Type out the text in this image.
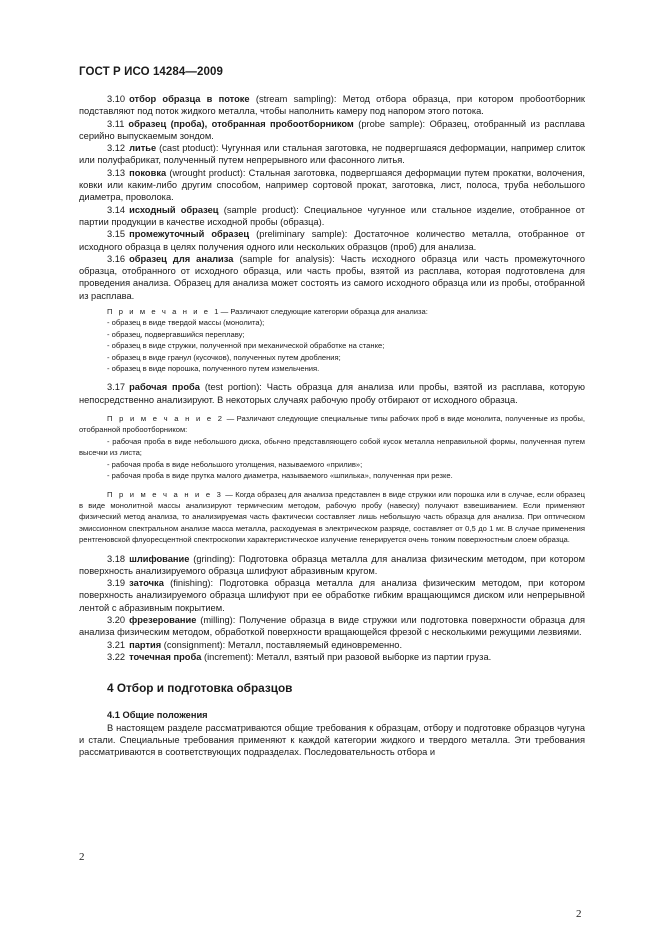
ГОСТ Р ИСО 14284—2009

3.10 отбор образца в потоке (stream sampling): Метод отбора образца, при котором пробоотборник подставляют под поток жидкого металла, чтобы наполнить камеру под напором этого потока.

3.11 образец (проба), отобранная пробоотборником (probe sample): Образец, отобранный из расплава серийно выпускаемым зондом.

3.12 литье (cast ptoduct): Чугунная или стальная заготовка, не подвергшаяся деформации, например слиток или полуфабрикат, полученный путем непрерывного или фасонного литья.

3.13 поковка (wrought product): Стальная заготовка, подвергшаяся деформации путем прокатки, волочения, ковки или каким-либо другим способом, например сортовой прокат, заготовка, лист, полоса, труба небольшого диаметра, проволока.

3.14 исходный образец (sample product): Специальное чугунное или стальное изделие, отобранное от партии продукции в качестве исходной пробы (образца).

3.15 промежуточный образец (preliminary sample): Достаточное количество металла, отобранное от исходного образца в целях получения одного или нескольких образцов (проб) для анализа.

3.16 образец для анализа (sample for analysis): Часть исходного образца или часть промежуточного образца, отобранного от исходного образца, или часть пробы, взятой из расплава, которая подготовлена для проведения анализа. Образец для анализа может состоять из самого исходного образца или из пробы, отобранной из расплава.

П р и м е ч а н и е 1— Различают следующие категории образца для анализа:

- образец в виде твердой массы (монолита);

- образец, подвергавшийся переплаву;

- образец в виде стружки, полученной при механической обработке на станке;

- образец в виде гранул (кусочков), полученных путем дробления;

- образец в виде порошка, полученного путем измельчения.

3.17 рабочая проба (test portion): Часть образца для анализа или пробы, взятой из расплава, которую непосредственно анализируют. В некоторых случаях рабочую пробу отбирают от исходного образца.

П р и м е ч а н и е 2 — Различают следующие специальные типы рабочих проб в виде монолита, полученные из пробы, отобранной пробоотборником:

- рабочая проба в виде небольшого диска, обычно представляющего собой кусок металла неправильной формы, полученная путем высечки из листа;

- рабочая проба в виде небольшого утолщения, называемого «прилив»;

- рабочая проба в виде прутка малого диаметра, называемого «шпилька», полученная при резке.

П р и м е ч а н и е 3 — Когда образец для анализа представлен в виде стружки или порошка или в случае, если образец в виде монолитной массы анализируют термическим методом, рабочую пробу (навеску) получают взвешиванием. Если применяют физический метод анализа, то анализируемая часть фактически составляет лишь небольшую часть образца для анализа. При оптическом эмиссионном спектральном анализе масса металла, расходуемая в электрическом разряде, составляет от 0,5 до 1 мг. В случае применения рентгеновской флуоресцентной спектроскопии характеристическое излучение генерируется очень тонким поверхностным слоем образца.

3.18 шлифование (grinding): Подготовка образца металла для анализа физическим методом, при котором поверхность анализируемого образца шлифуют абразивным кругом.

3.19 заточка (finishing): Подготовка образца металла для анализа физическим методом, при котором поверхность анализируемого образца шлифуют при ее обработке гибким вращающимся диском или непрерывной лентой с абразивным покрытием.

3.20 фрезерование (milling): Получение образца в виде стружки или подготовка поверхности образца для анализа физическим методом, обработкой поверхности вращающейся фрезой с несколькими режущими лезвиями.

3.21 партия (consignment): Металл, поставляемый единовременно.

3.22 точечная проба (increment): Металл, взятый при разовой выборке из партии груза.

4 Отбор и подготовка образцов

4.1 Общие положения

В настоящем разделе рассматриваются общие требования к образцам, отбору и подготовке образцов чугуна и стали. Специальные требования применяют к каждой категории жидкого и твердого металла. Эти требования рассматриваются в соответствующих подразделах. Последовательность отбора и

2
2
